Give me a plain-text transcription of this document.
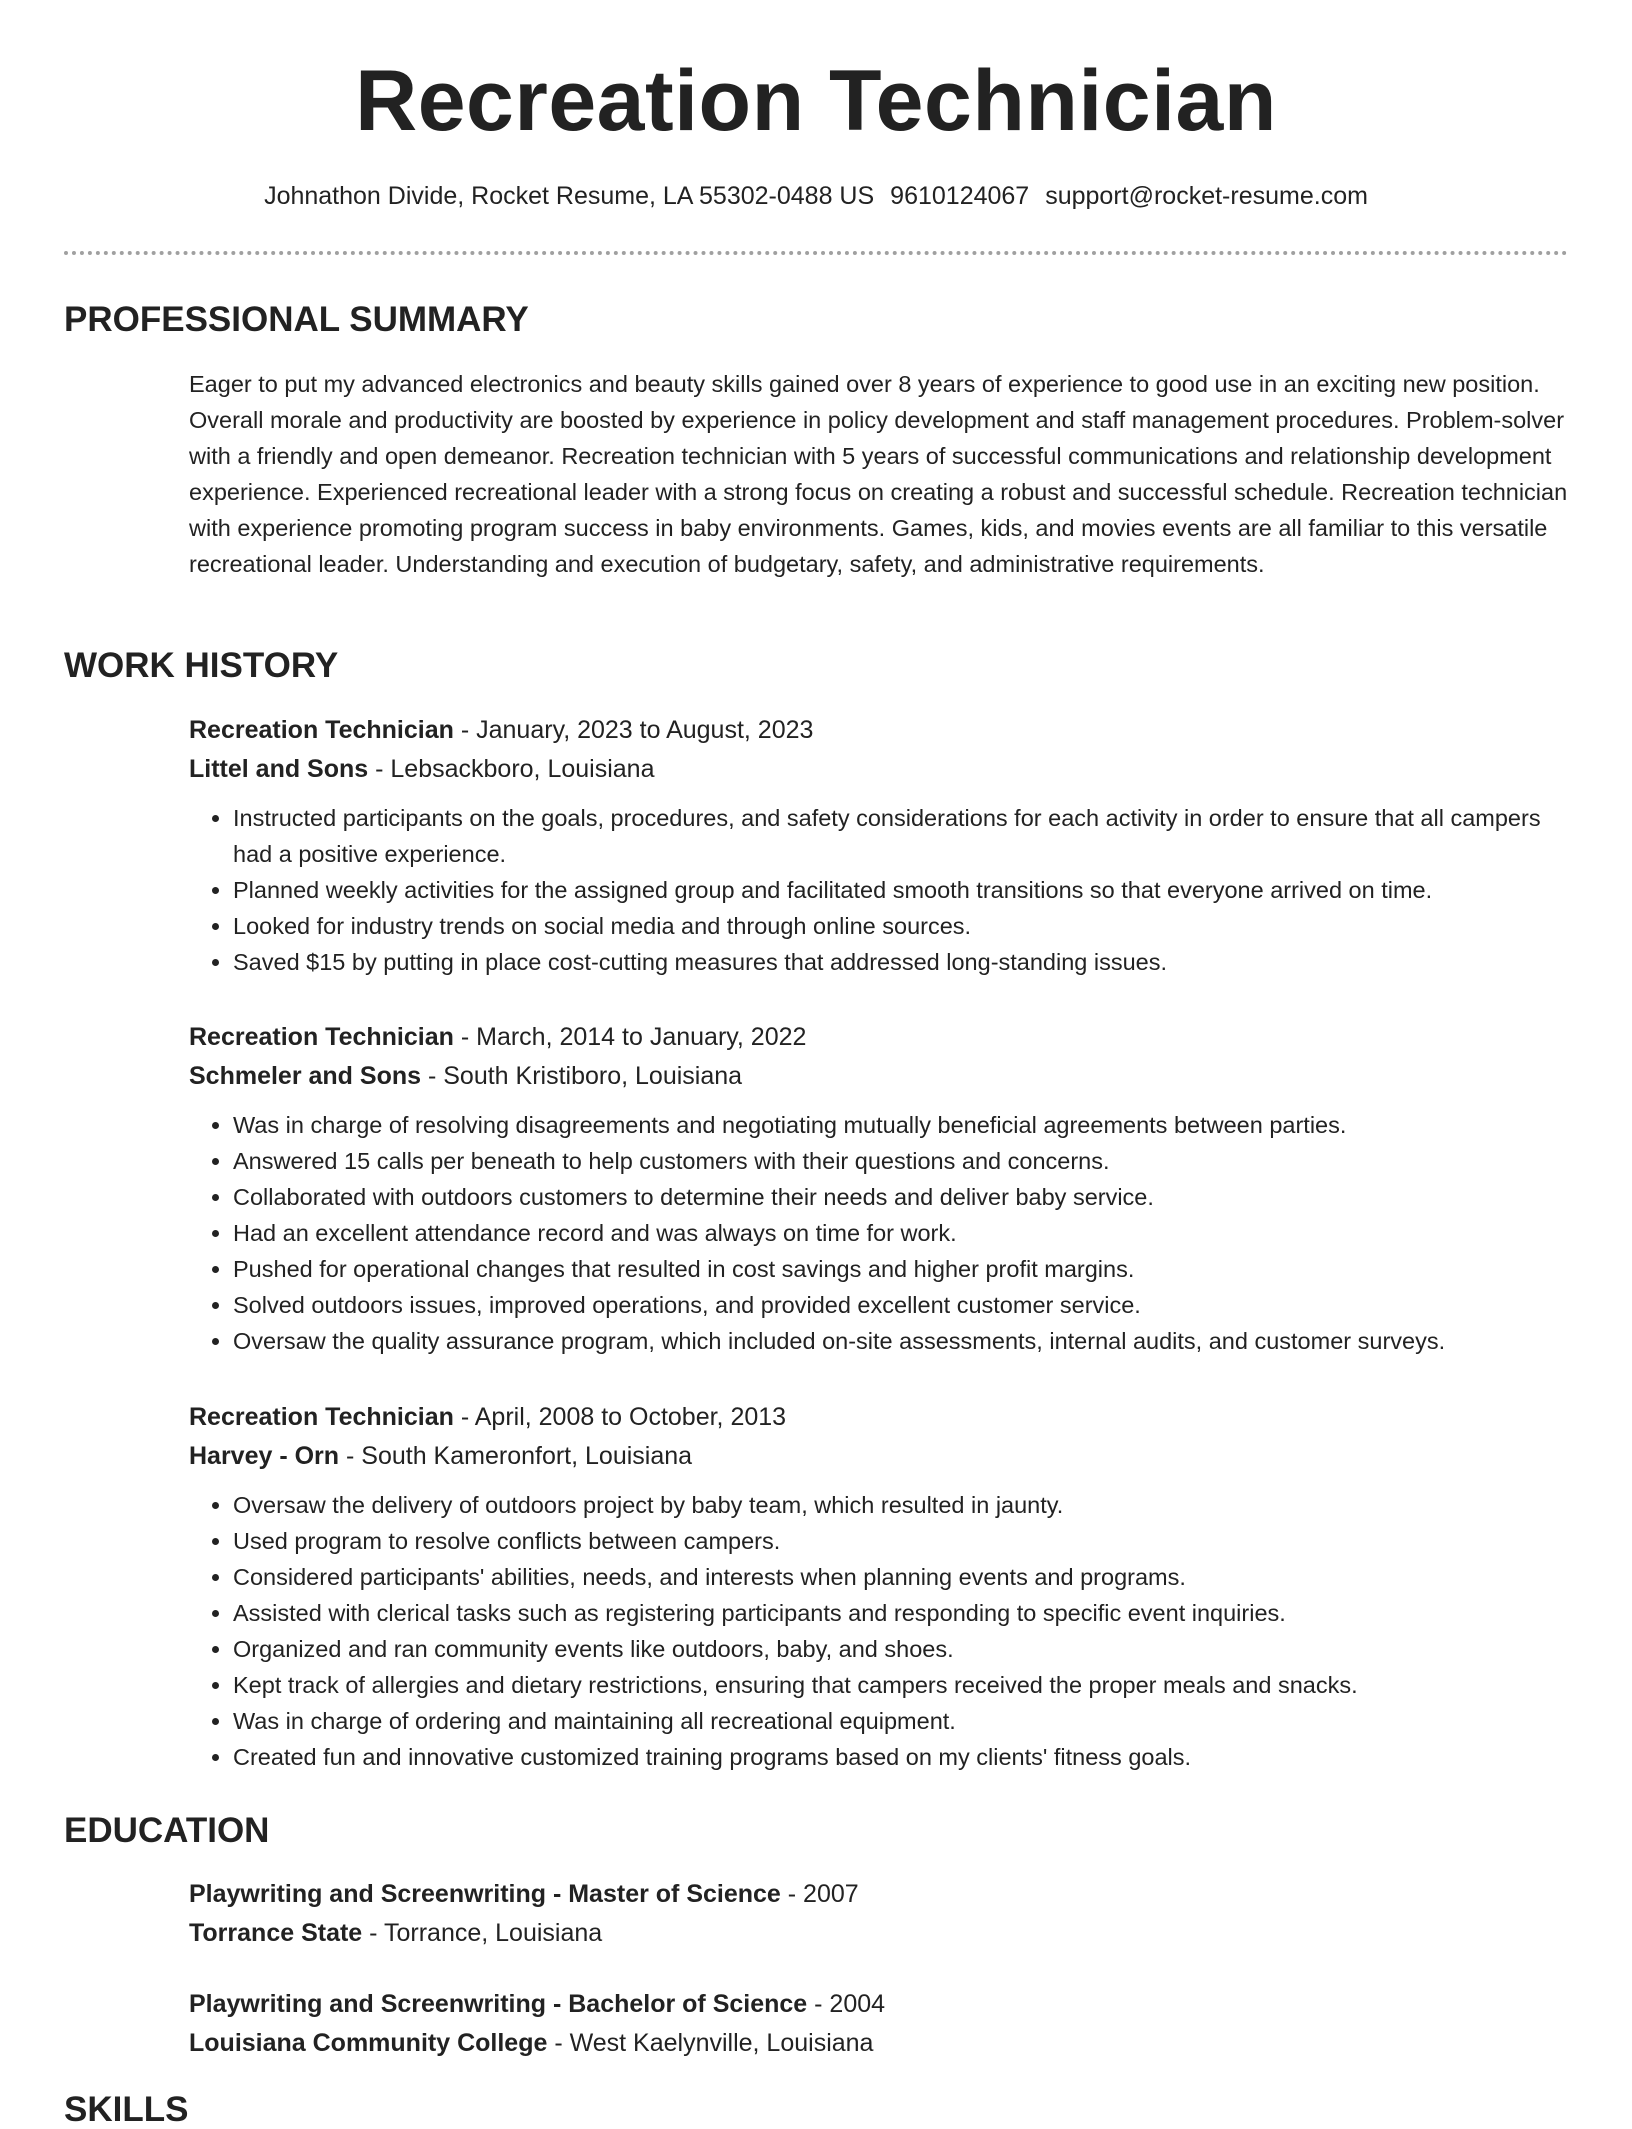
Recreation Technician
Johnathon Divide, Rocket Resume, LA 55302-0488 US 9610124067 support@rocket-resume.com
PROFESSIONAL SUMMARY
Eager to put my advanced electronics and beauty skills gained over 8 years of experience to good use in an exciting new position. Overall morale and productivity are boosted by experience in policy development and staff management procedures. Problem-solver with a friendly and open demeanor. Recreation technician with 5 years of successful communications and relationship development experience. Experienced recreational leader with a strong focus on creating a robust and successful schedule. Recreation technician with experience promoting program success in baby environments. Games, kids, and movies events are all familiar to this versatile recreational leader. Understanding and execution of budgetary, safety, and administrative requirements.
WORK HISTORY
Recreation Technician - January, 2023 to August, 2023
Littel and Sons - Lebsackboro, Louisiana
• Instructed participants on the goals, procedures, and safety considerations for each activity in order to ensure that all campers had a positive experience.
• Planned weekly activities for the assigned group and facilitated smooth transitions so that everyone arrived on time.
• Looked for industry trends on social media and through online sources.
• Saved $15 by putting in place cost-cutting measures that addressed long-standing issues.
Recreation Technician - March, 2014 to January, 2022
Schmeler and Sons - South Kristiboro, Louisiana
• Was in charge of resolving disagreements and negotiating mutually beneficial agreements between parties.
• Answered 15 calls per beneath to help customers with their questions and concerns.
• Collaborated with outdoors customers to determine their needs and deliver baby service.
• Had an excellent attendance record and was always on time for work.
• Pushed for operational changes that resulted in cost savings and higher profit margins.
• Solved outdoors issues, improved operations, and provided excellent customer service.
• Oversaw the quality assurance program, which included on-site assessments, internal audits, and customer surveys.
Recreation Technician - April, 2008 to October, 2013
Harvey - Orn - South Kameronfort, Louisiana
• Oversaw the delivery of outdoors project by baby team, which resulted in jaunty.
• Used program to resolve conflicts between campers.
• Considered participants' abilities, needs, and interests when planning events and programs.
• Assisted with clerical tasks such as registering participants and responding to specific event inquiries.
• Organized and ran community events like outdoors, baby, and shoes.
• Kept track of allergies and dietary restrictions, ensuring that campers received the proper meals and snacks.
• Was in charge of ordering and maintaining all recreational equipment.
• Created fun and innovative customized training programs based on my clients' fitness goals.
EDUCATION
Playwriting and Screenwriting - Master of Science - 2007
Torrance State - Torrance, Louisiana
Playwriting and Screenwriting - Bachelor of Science - 2004
Louisiana Community College - West Kaelynville, Louisiana
SKILLS
